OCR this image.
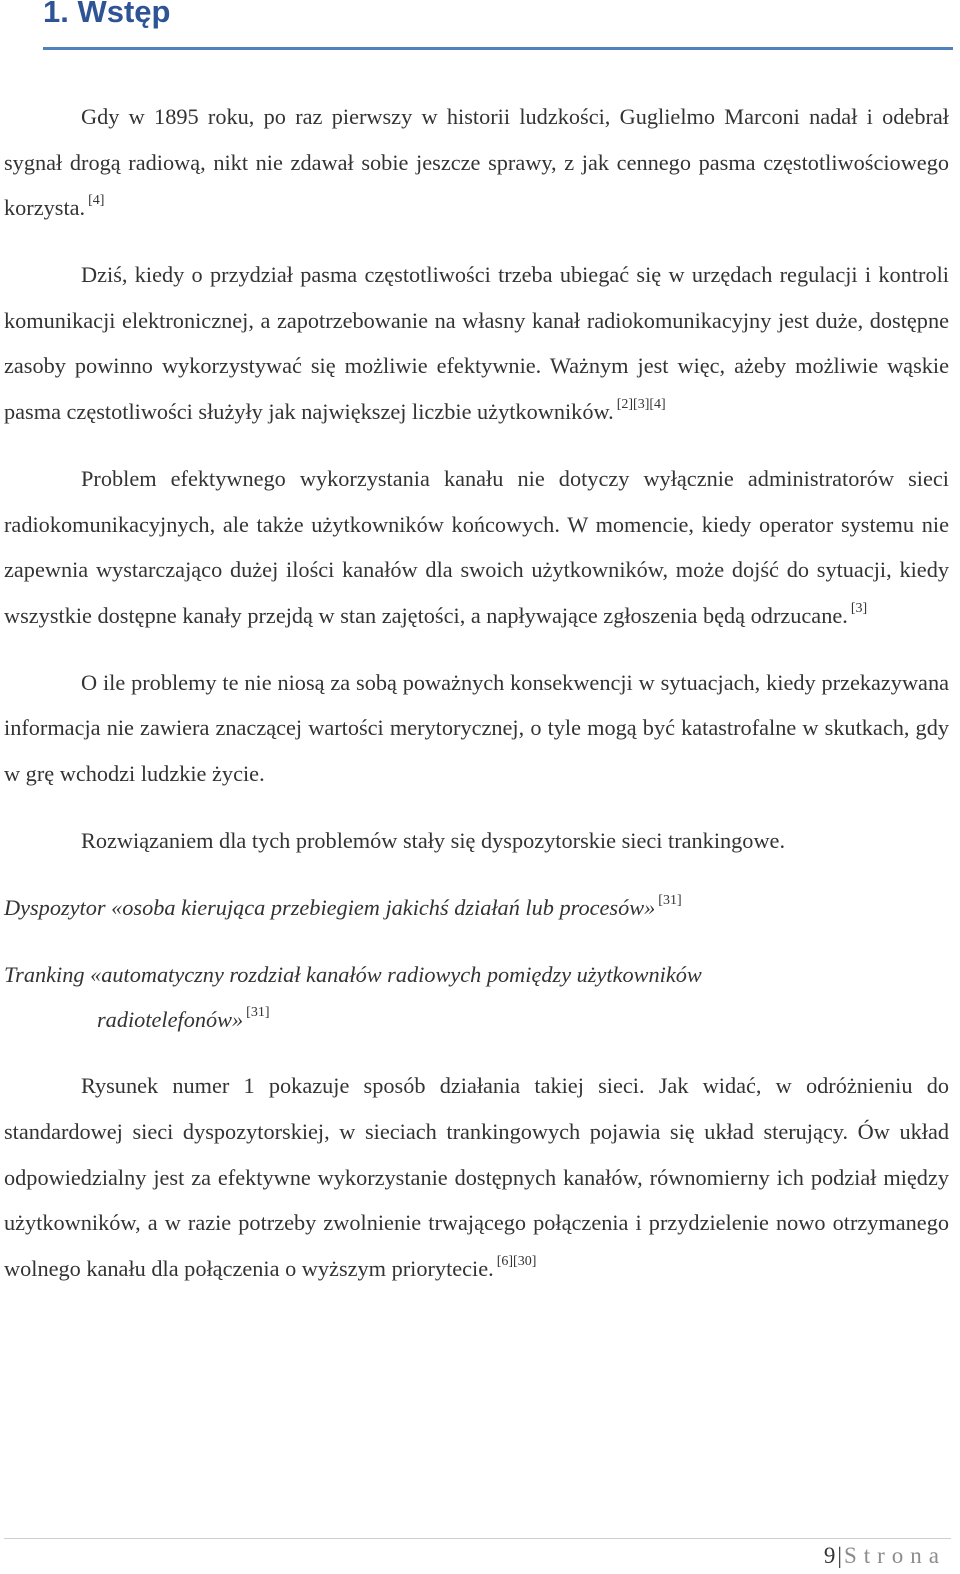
1. Wstęp

Gdy w 1895 roku, po raz pierwszy w historii ludzkości, Guglielmo Marconi nadał i odebrał sygnał drogą radiową, nikt nie zdawał sobie jeszcze sprawy, z jak cennego pasma częstotliwościowego korzysta. [4]

Dziś, kiedy o przydział pasma częstotliwości trzeba ubiegać się w urzędach regulacji i kontroli komunikacji elektronicznej, a zapotrzebowanie na własny kanał radiokomunikacyjny jest duże, dostępne zasoby powinno wykorzystywać się możliwie efektywnie. Ważnym jest więc, ażeby możliwie wąskie pasma częstotliwości służyły jak największej liczbie użytkowników. [2][3][4]

Problem efektywnego wykorzystania kanału nie dotyczy wyłącznie administratorów sieci radiokomunikacyjnych, ale także użytkowników końcowych. W momencie, kiedy operator systemu nie zapewnia wystarczająco dużej ilości kanałów dla swoich użytkowników, może dojść do sytuacji, kiedy wszystkie dostępne kanały przejdą w stan zajętości, a napływające zgłoszenia będą odrzucane. [3]

O ile problemy te nie niosą za sobą poważnych konsekwencji w sytuacjach, kiedy przekazywana informacja nie zawiera znaczącej wartości merytorycznej, o tyle mogą być katastrofalne w skutkach, gdy w grę wchodzi ludzkie życie.

Rozwiązaniem dla tych problemów stały się dyspozytorskie sieci trankingowe.

Dyspozytor «osoba kierująca przebiegiem jakichś działań lub procesów» [31]

Tranking «automatyczny rozdział kanałów radiowych pomiędzy użytkowników
radiotelefonów» [31]

Rysunek numer 1 pokazuje sposób działania takiej sieci. Jak widać, w odróżnieniu do standardowej sieci dyspozytorskiej, w sieciach trankingowych pojawia się układ sterujący. Ów układ odpowiedzialny jest za efektywne wykorzystanie dostępnych kanałów, równomierny ich podział między użytkowników, a w razie potrzeby zwolnienie trwającego połączenia i przydzielenie nowo otrzymanego wolnego kanału dla połączenia o wyższym priorytecie. [6][30]

9|Strona
